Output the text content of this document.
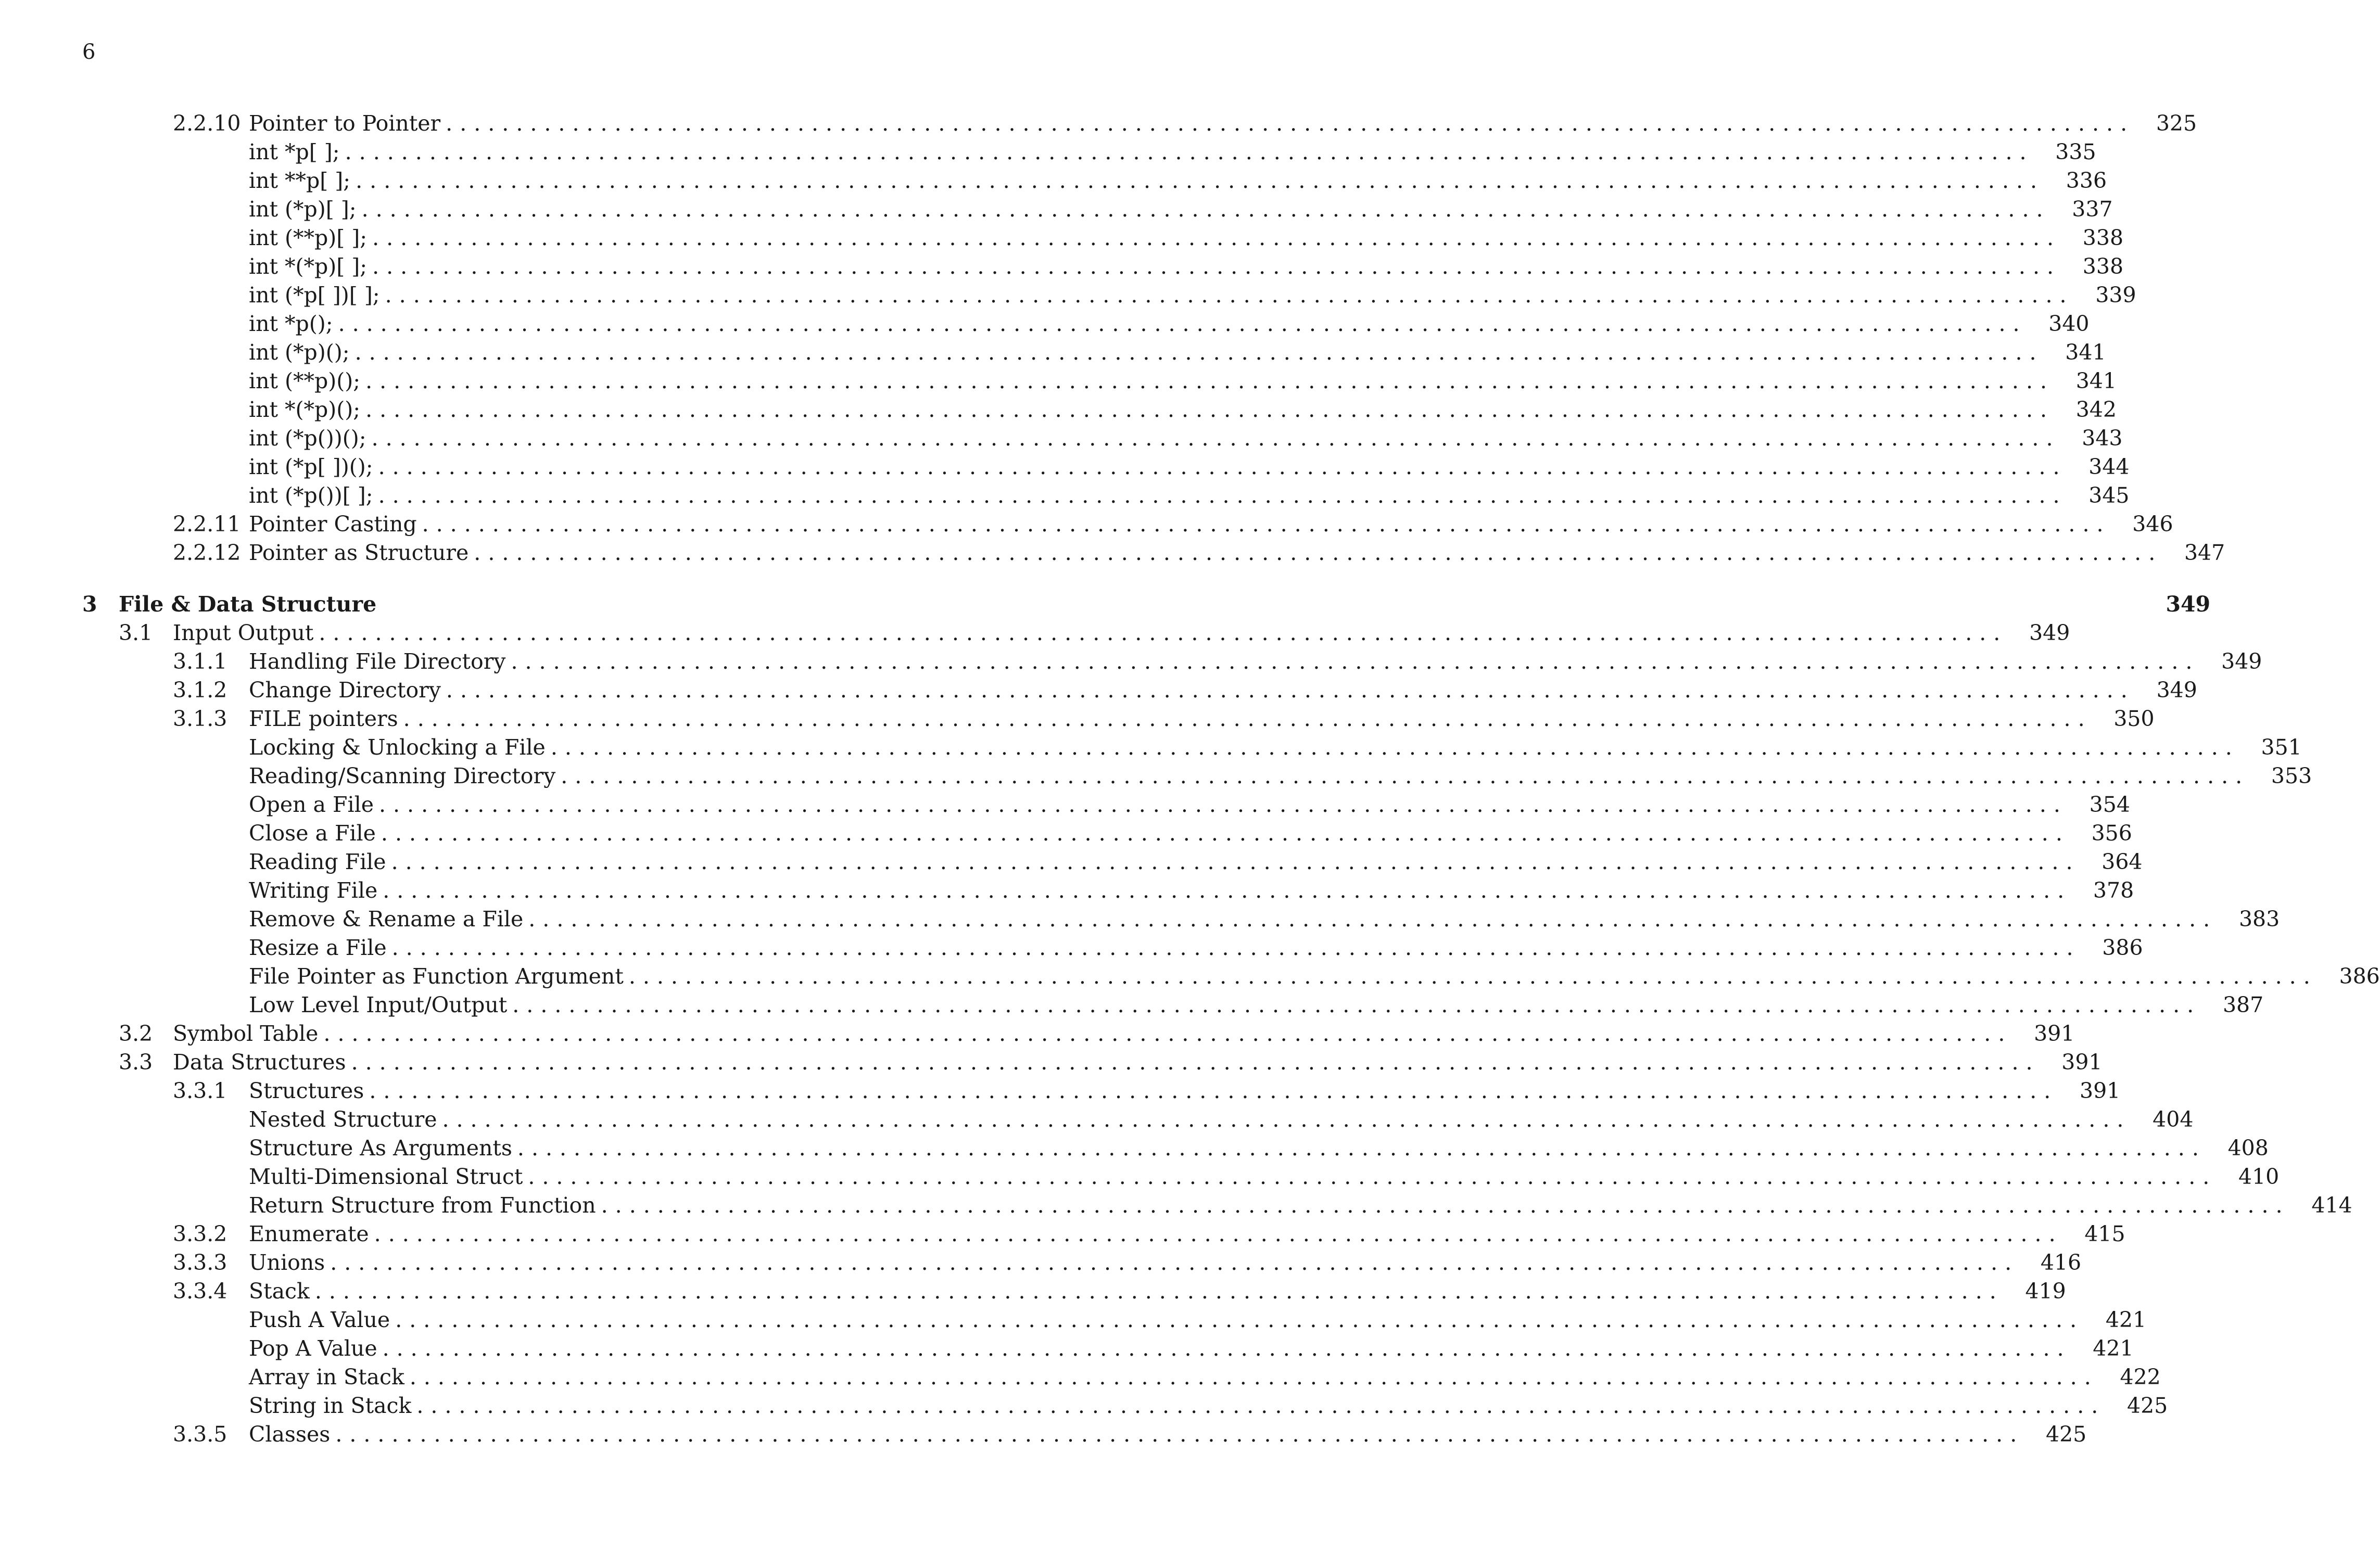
6
2.2.10 Pointer to Pointer ........................................................................................................................	325
int *p[ ]; ........................................................................................................................	335
int **p[ ]; ........................................................................................................................	336
int (*p)[ ]; ........................................................................................................................	337
int (**p)[ ]; ........................................................................................................................	338
int *(*p)[ ]; ........................................................................................................................	338
int (*p[ ])[ ]; ........................................................................................................................	339
int *p(); ........................................................................................................................	340
int (*p)(); ........................................................................................................................	341
int (**p)(); ........................................................................................................................	341
int *(*p)(); ........................................................................................................................	342
int (*p())(); ........................................................................................................................	343
int (*p[ ])(); ........................................................................................................................	344
int (*p())[ ]; ........................................................................................................................	345
2.2.11 Pointer Casting ........................................................................................................................	346
2.2.12 Pointer as Structure ........................................................................................................................	347
3 File & Data Structure	349
3.1 Input Output ........................................................................................................................	349
3.1.1 Handling File Directory ........................................................................................................................	349
3.1.2 Change Directory ........................................................................................................................	349
3.1.3 FILE pointers ........................................................................................................................	350
Locking & Unlocking a File ........................................................................................................................	351
Reading/Scanning Directory ........................................................................................................................	353
Open a File ........................................................................................................................	354
Close a File ........................................................................................................................	356
Reading File ........................................................................................................................	364
Writing File ........................................................................................................................	378
Remove & Rename a File ........................................................................................................................	383
Resize a File ........................................................................................................................	386
File Pointer as Function Argument ........................................................................................................................	386
Low Level Input/Output ........................................................................................................................	387
3.2 Symbol Table ........................................................................................................................	391
3.3 Data Structures ........................................................................................................................	391
3.3.1 Structures ........................................................................................................................	391
Nested Structure ........................................................................................................................	404
Structure As Arguments ........................................................................................................................	408
Multi-Dimensional Struct ........................................................................................................................	410
Return Structure from Function ........................................................................................................................	414
3.3.2 Enumerate ........................................................................................................................	415
3.3.3 Unions ........................................................................................................................	416
3.3.4 Stack ........................................................................................................................	419
Push A Value ........................................................................................................................	421
Pop A Value ........................................................................................................................	421
Array in Stack ........................................................................................................................	422
String in Stack ........................................................................................................................	425
3.3.5 Classes ........................................................................................................................	425
